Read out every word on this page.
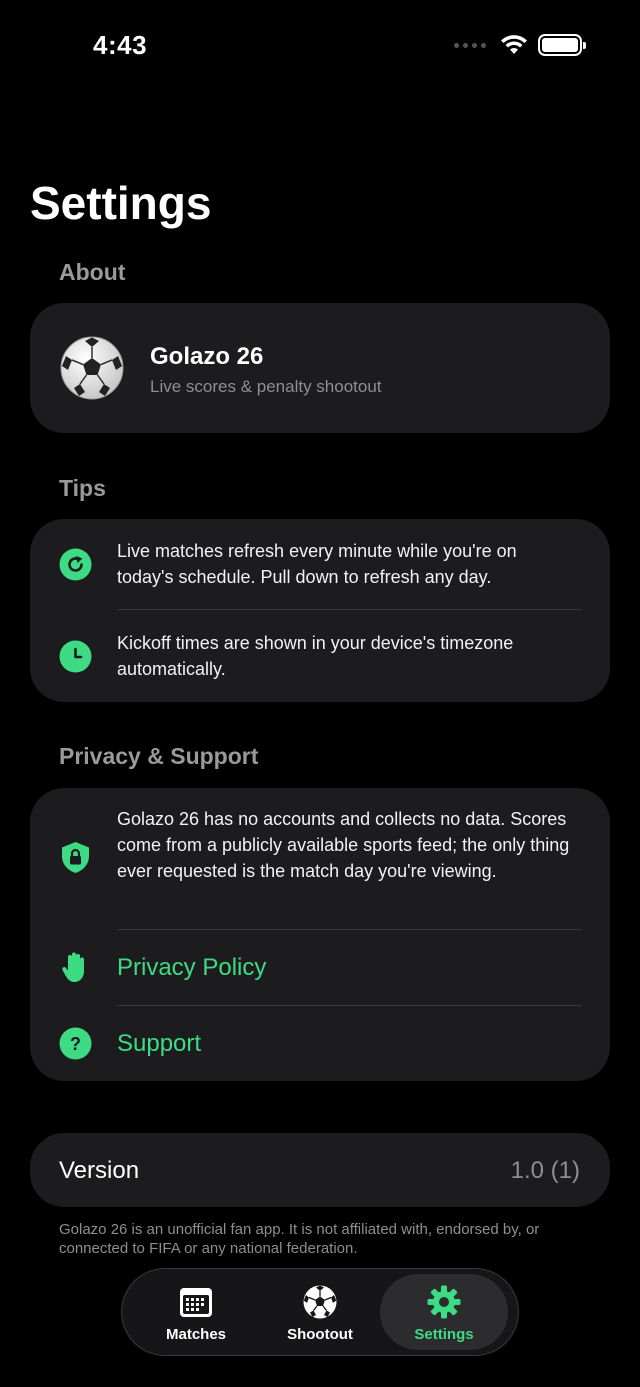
4:43
Settings
About
Golazo 26
Live scores & penalty shootout
Tips
Live matches refresh every minute while you're on today's schedule. Pull down to refresh any day.
Kickoff times are shown in your device's timezone automatically.
Privacy & Support
Golazo 26 has no accounts and collects no data. Scores come from a publicly available sports feed; the only thing ever requested is the match day you're viewing.
Privacy Policy
? Support
Version	1.0 (1)
Golazo 26 is an unofficial fan app. It is not affiliated with, endorsed by, or connected to FIFA or any national federation.
Matches	Shootout	Settings
